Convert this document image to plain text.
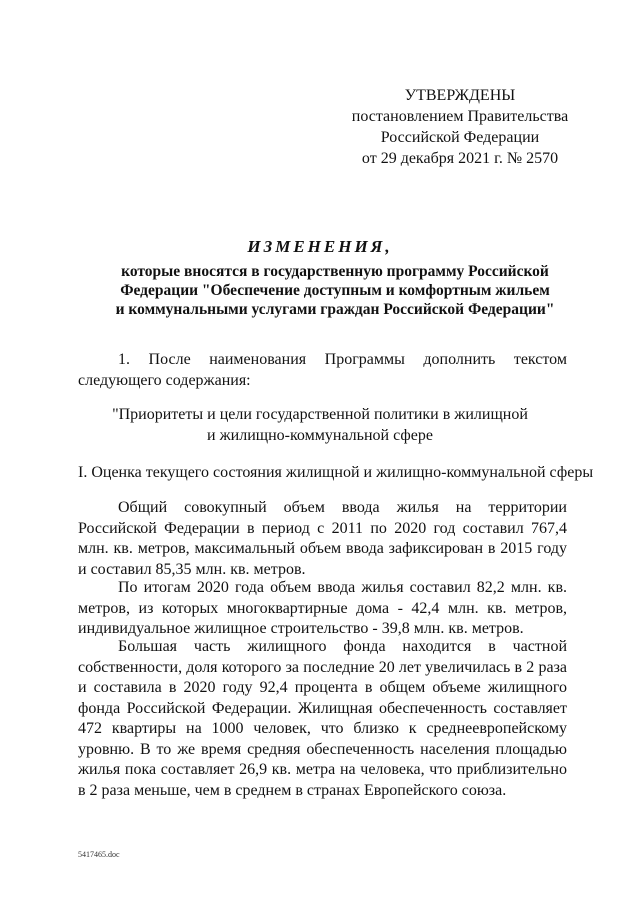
УТВЕРЖДЕНЫ
постановлением Правительства
Российской Федерации
от 29 декабря 2021 г. № 2570
ИЗМЕНЕНИЯ,
которые вносятся в государственную программу Российской
Федерации "Обеспечение доступным и комфортным жильем
и коммунальными услугами граждан Российской Федерации"
1. После наименования Программы дополнить текстом следующего содержания:
"Приоритеты и цели государственной политики в жилищной
и жилищно-коммунальной сфере
I. Оценка текущего состояния жилищной и жилищно-коммунальной сферы
Общий совокупный объем ввода жилья на территории Российской Федерации в период с 2011 по 2020 год составил 767,4 млн. кв. метров, максимальный объем ввода зафиксирован в 2015 году и составил 85,35 млн. кв. метров.
По итогам 2020 года объем ввода жилья составил 82,2 млн. кв. метров, из которых многоквартирные дома - 42,4 млн. кв. метров, индивидуальное жилищное строительство - 39,8 млн. кв. метров.
Большая часть жилищного фонда находится в частной собственности, доля которого за последние 20 лет увеличилась в 2 раза и составила в 2020 году 92,4 процента в общем объеме жилищного фонда Российской Федерации. Жилищная обеспеченность составляет 472 квартиры на 1000 человек, что близко к среднеевропейскому уровню. В то же время средняя обеспеченность населения площадью жилья пока составляет 26,9 кв. метра на человека, что приблизительно в 2 раза меньше, чем в среднем в странах Европейского союза.
5417465.doc
